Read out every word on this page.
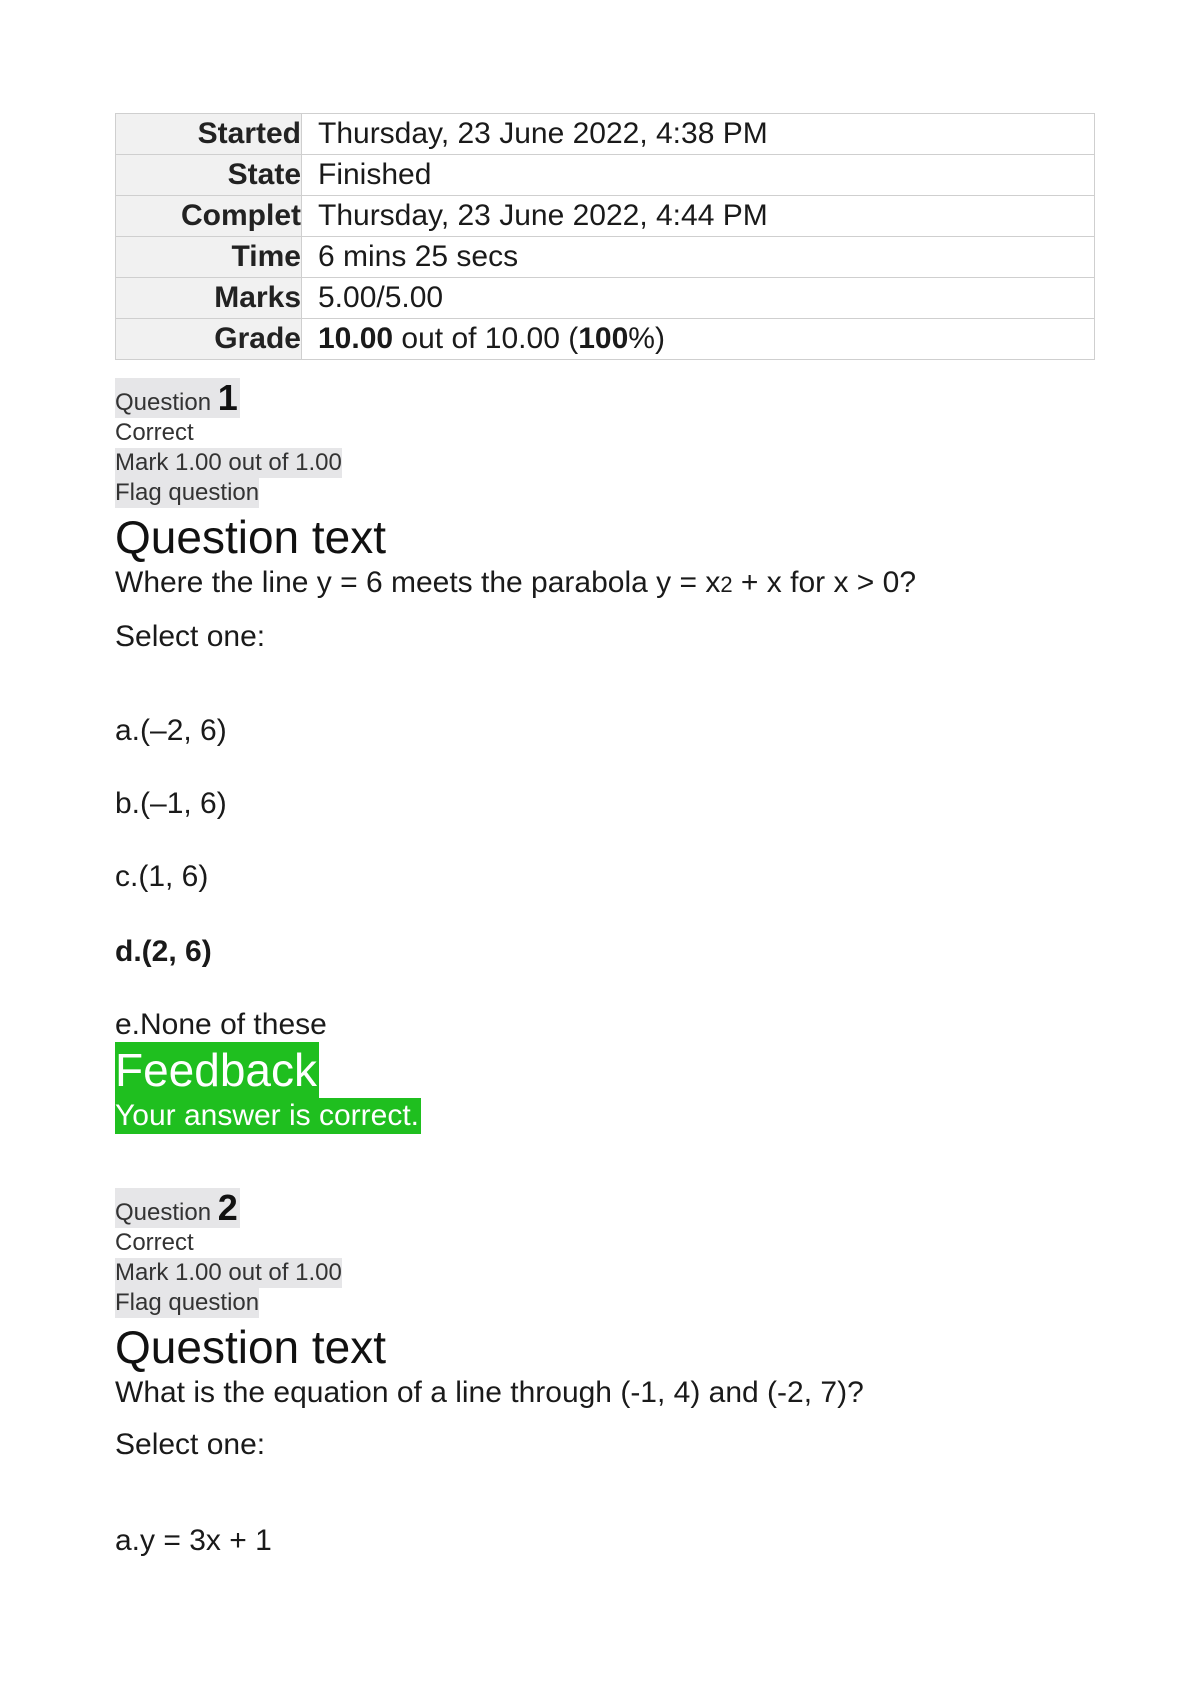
Started	Thursday, 23 June 2022, 4:38 PM
State	Finished
Complet	Thursday, 23 June 2022, 4:44 PM
Time	6 mins 25 secs
Marks	5.00/5.00
Grade	10.00 out of 10.00 (100%)
Question 1
Correct
Mark 1.00 out of 1.00
Flag question
Question text
Where the line y = 6 meets the parabola y = x2 + x for x > 0?
Select one:
a.(–2, 6)
b.(–1, 6)
c.(1, 6)
d.(2, 6)
e.None of these
Feedback
Your answer is correct.
Question 2
Correct
Mark 1.00 out of 1.00
Flag question
Question text
What is the equation of a line through (-1, 4) and (-2, 7)?
Select one:
a.y = 3x + 1
